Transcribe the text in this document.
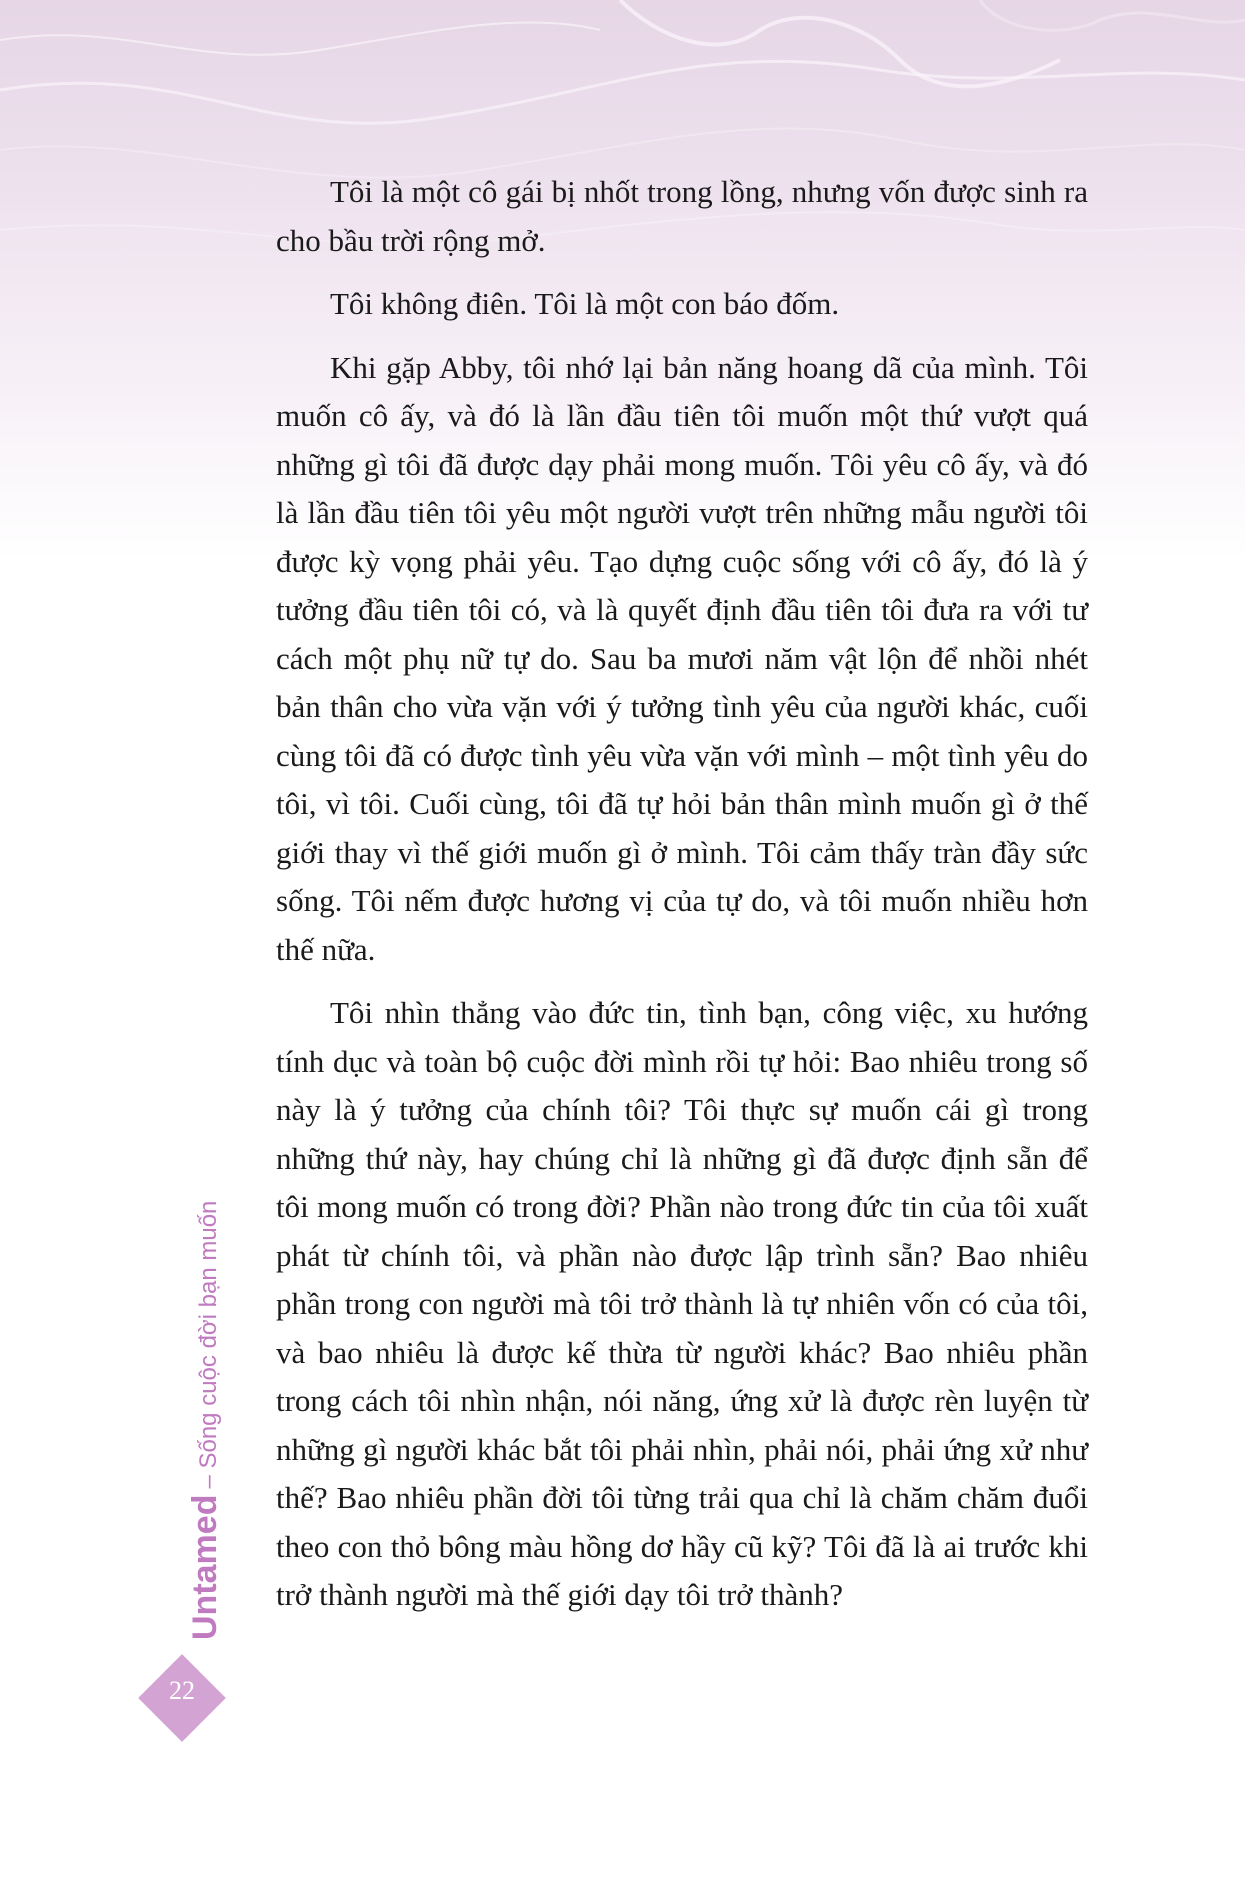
Tôi là một cô gái bị nhốt trong lồng, nhưng vốn được sinh ra cho bầu trời rộng mở.

Tôi không điên. Tôi là một con báo đốm.

Khi gặp Abby, tôi nhớ lại bản năng hoang dã của mình. Tôi muốn cô ấy, và đó là lần đầu tiên tôi muốn một thứ vượt quá những gì tôi đã được dạy phải mong muốn. Tôi yêu cô ấy, và đó là lần đầu tiên tôi yêu một người vượt trên những mẫu người tôi được kỳ vọng phải yêu. Tạo dựng cuộc sống với cô ấy, đó là ý tưởng đầu tiên tôi có, và là quyết định đầu tiên tôi đưa ra với tư cách một phụ nữ tự do. Sau ba mươi năm vật lộn để nhồi nhét bản thân cho vừa vặn với ý tưởng tình yêu của người khác, cuối cùng tôi đã có được tình yêu vừa vặn với mình – một tình yêu do tôi, vì tôi. Cuối cùng, tôi đã tự hỏi bản thân mình muốn gì ở thế giới thay vì thế giới muốn gì ở mình. Tôi cảm thấy tràn đầy sức sống. Tôi nếm được hương vị của tự do, và tôi muốn nhiều hơn thế nữa.

Tôi nhìn thẳng vào đức tin, tình bạn, công việc, xu hướng tính dục và toàn bộ cuộc đời mình rồi tự hỏi: Bao nhiêu trong số này là ý tưởng của chính tôi? Tôi thực sự muốn cái gì trong những thứ này, hay chúng chỉ là những gì đã được định sẵn để tôi mong muốn có trong đời? Phần nào trong đức tin của tôi xuất phát từ chính tôi, và phần nào được lập trình sẵn? Bao nhiêu phần trong con người mà tôi trở thành là tự nhiên vốn có của tôi, và bao nhiêu là được kế thừa từ người khác? Bao nhiêu phần trong cách tôi nhìn nhận, nói năng, ứng xử là được rèn luyện từ những gì người khác bắt tôi phải nhìn, phải nói, phải ứng xử như thế? Bao nhiêu phần đời tôi từng trải qua chỉ là chăm chăm đuổi theo con thỏ bông màu hồng dơ hầy cũ kỹ? Tôi đã là ai trước khi trở thành người mà thế giới dạy tôi trở thành?

Untamed– Sống cuộc đời bạn muốn
22
